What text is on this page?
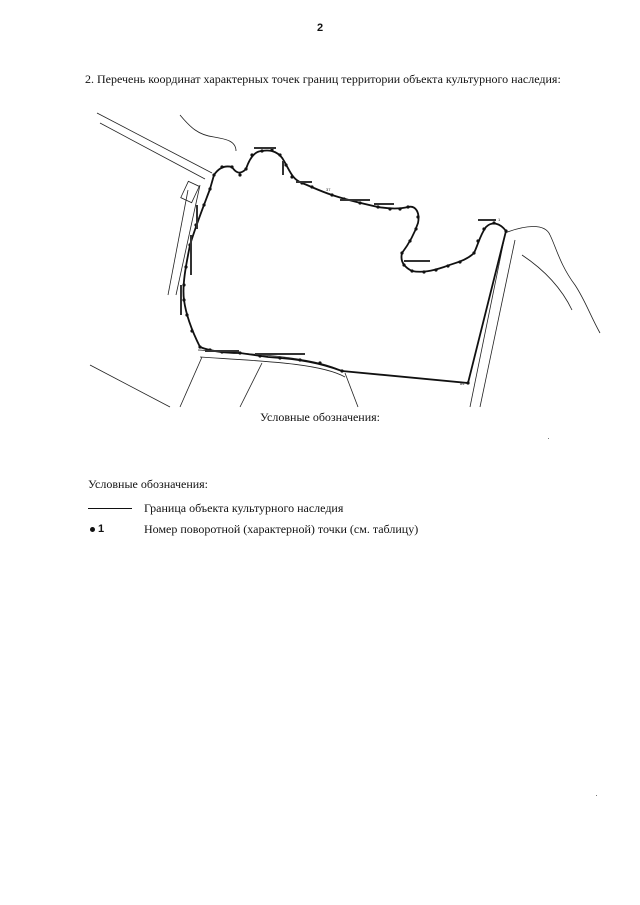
2
2. Перечень координат характерных точек границ территории объекта культурного наследия:
1
84
37
Условные обозначения:
Условные обозначения:
Граница объекта культурного наследия
1	Номер поворотной (характерной) точки (см. таблицу)
